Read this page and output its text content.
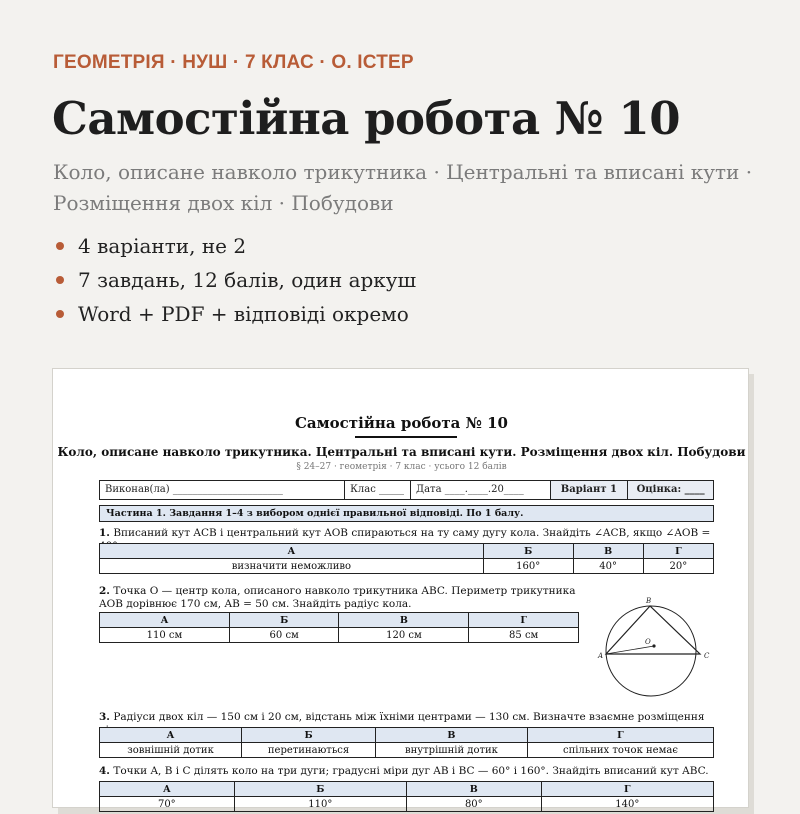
ГЕОМЕТРІЯ · НУШ · 7 КЛАС · О. ІСТЕР
Самостійна робота № 10
Коло, описане навколо трикутника · Центральні та вписані кути · Розміщення двох кіл · Побудови
4 варіанти, не 2
7 завдань, 12 балів, один аркуш
Word + PDF + відповіді окремо
Самостійна робота № 10
Коло, описане навколо трикутника. Центральні та вписані кути. Розміщення двох кіл. Побудови
§ 24–27 · геометрія · 7 клас · усього 12 балів
Виконав(ла) ______________________	Клас _____	Дата ____.____.20____	Варіант 1	Оцінка: ____
Частина 1. Завдання 1–4 з вибором однієї правильної відповіді. По 1 балу.
1. Вписаний кут ACB і центральний кут AOB спираються на ту саму дугу кола. Знайдіть ∠ACB, якщо ∠AOB =
А	Б	В	Г
визначити неможливо	160°	40°	20°
2. Точка O — центр кола, описаного навколо трикутника ABC. Периметр трикутника AOB дорівнює 170 см, AB = 50 см. Знайдіть радіус кола.
А	Б	В	Г
110 см	60 см	120 см	85 см
B
O
A	C
3. Радіуси двох кіл — 150 см і 20 см, відстань між їхніми центрами — 130 см. Визначте взаємне розміщення
А	Б	В	Г
зовнішній дотик	перетинаються	внутрішній дотик	спільних точок немає
4. Точки A, B і C ділять коло на три дуги; градусні міри дуг AB і BC — 60° і 160°. Знайдіть вписаний кут ABC.
А	Б	В	Г
70°	110°	80°	140°
